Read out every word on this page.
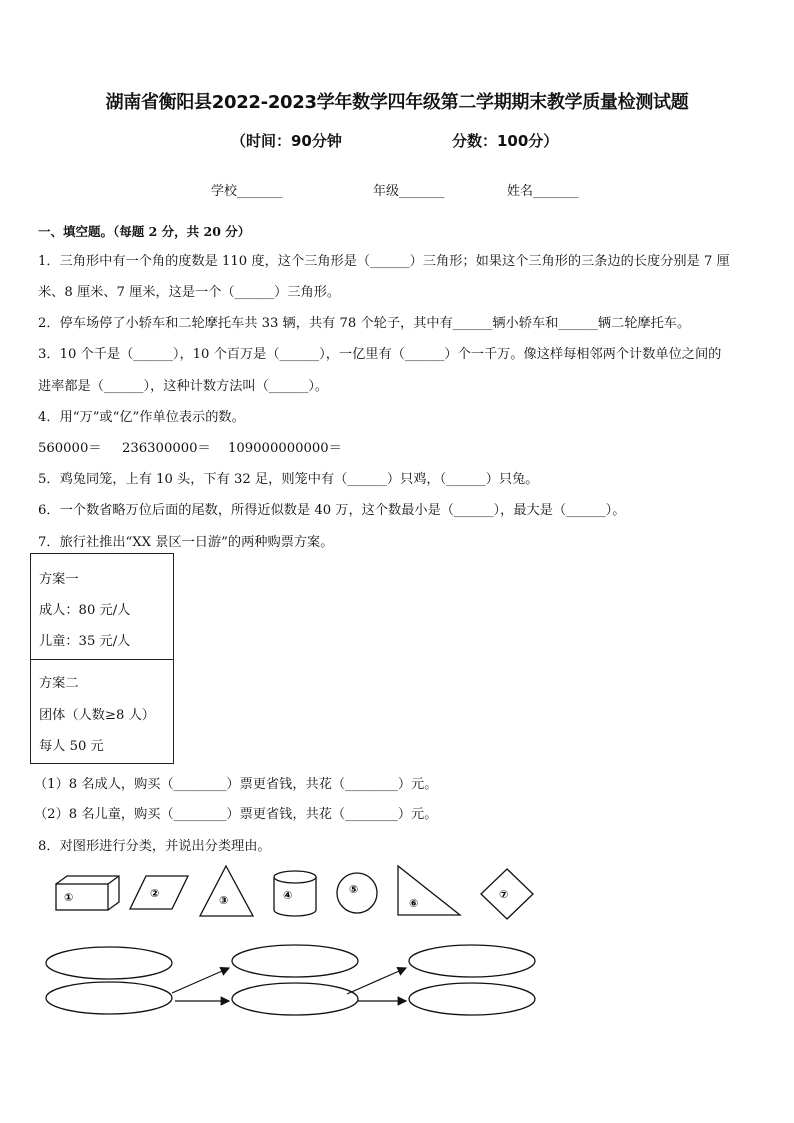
湖南省衡阳县2022-2023学年数学四年级第二学期期末教学质量检测试题
（时间：90分钟	分数：100分）
学校_______	年级_______	姓名_______
一、填空题。（每题 2 分，共 20 分）
1．三角形中有一个角的度数是 110 度，这个三角形是（______）三角形；如果这个三角形的三条边的长度分别是 7 厘
米、8 厘米、7 厘米，这是一个（______）三角形。
2．停车场停了小轿车和二轮摩托车共 33 辆，共有 78 个轮子，其中有______辆小轿车和______辆二轮摩托车。
3．10 个千是（______），10 个百万是（______），一亿里有（______）个一千万。像这样每相邻两个计数单位之间的
进率都是（______），这种计数方法叫（______）。
4．用“万”或“亿”作单位表示的数。
560000＝ 236300000＝ 109000000000＝
5．鸡兔同笼，上有 10 头，下有 32 足，则笼中有（______）只鸡，（______）只兔。
6．一个数省略万位后面的尾数，所得近似数是 40 万，这个数最小是（______），最大是（______）。
7．旅行社推出“XX 景区一日游”的两种购票方案。
方案一
成人：80 元/人
儿童：35 元/人
方案二
团体（人数≥8 人）
每人 50 元
（1）8 名成人，购买（________）票更省钱，共花（________）元。
（2）8 名儿童，购买（________）票更省钱，共花（________）元。
8．对图形进行分类，并说出分类理由。
①	②
③	④	⑤
⑥
⑦
